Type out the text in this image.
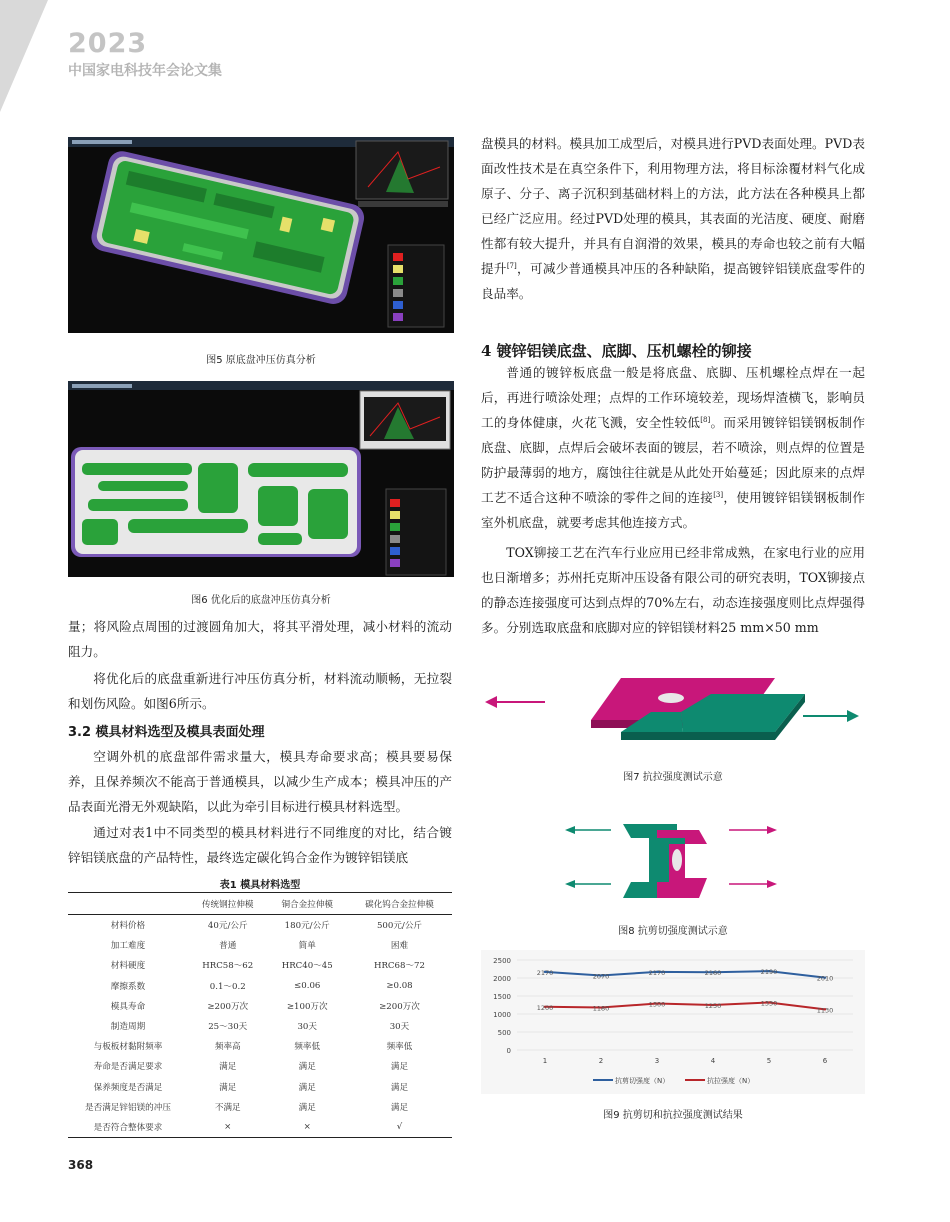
2023
中国家电科技年会论文集
图5 原底盘冲压仿真分析
图6 优化后的底盘冲压仿真分析

量；将风险点周围的过渡圆角加大，将其平滑处理，减小材料的流动阻力。

将优化后的底盘重新进行冲压仿真分析，材料流动顺畅，无拉裂和划伤风险。如图6所示。

3.2 模具材料选型及模具表面处理

空调外机的底盘部件需求量大，模具寿命要求高；模具要易保养，且保养频次不能高于普通模具，以减少生产成本；模具冲压的产品表面光滑无外观缺陷，以此为牵引目标进行模具材料选型。

通过对表1中不同类型的模具材料进行不同维度的对比，结合镀锌铝镁底盘的产品特性，最终选定碳化钨合金作为镀锌铝镁底

表1 模具材料选型
	传统钢拉伸模	铜合金拉伸模	碳化钨合金拉伸模
材料价格	40元/公斤	180元/公斤	500元/公斤
加工难度	普通	简单	困难
材料硬度	HRC58～62	HRC40～45	HRC68～72
摩擦系数	0.1～0.2	≤0.06	≥0.08
模具寿命	≥200万次	≥100万次	≥200万次
制造周期	25～30天	30天	30天
与板板材黏附频率	频率高	频率低	频率低
寿命是否满足要求	满足	满足	满足
保养频度是否满足	满足	满足	满足
是否满足锌铝镁的冲压	不满足	满足	满足
是否符合整体要求	×	×	√

盘模具的材料。模具加工成型后，对模具进行PVD表面处理。PVD表面改性技术是在真空条件下，利用物理方法，将目标涂覆材料气化成原子、分子、离子沉积到基础材料上的方法，此方法在各种模具上都已经广泛应用。经过PVD处理的模具，其表面的光洁度、硬度、耐磨性都有较大提升，并具有自润滑的效果，模具的寿命也较之前有大幅提升[7]，可减少普通模具冲压的各种缺陷，提高镀锌铝镁底盘零件的良品率。

4 镀锌铝镁底盘、底脚、压机螺栓的铆接

普通的镀锌板底盘一般是将底盘、底脚、压机螺栓点焊在一起后，再进行喷涂处理；点焊的工作环境较差，现场焊渣横飞，影响员工的身体健康，火花飞溅，安全性较低[8]。而采用镀锌铝镁钢板制作底盘、底脚，点焊后会破坏表面的镀层，若不喷涂，则点焊的位置是防护最薄弱的地方，腐蚀往往就是从此处开始蔓延；因此原来的点焊工艺不适合这种不喷涂的零件之间的连接[3]，使用镀锌铝镁钢板制作室外机底盘，就要考虑其他连接方式。

TOX铆接工艺在汽车行业应用已经非常成熟，在家电行业的应用也日渐增多；苏州托克斯冲压设备有限公司的研究表明，TOX铆接点的静态连接强度可达到点焊的70%左右，动态连接强度则比点焊强得多。分别选取底盘和底脚对应的锌铝镁材料25 mm×50 mm

图7 抗拉强度测试示意
图8 抗剪切强度测试示意
0
500
1000
1500
2000
2500
1	2	3	4	5	6
2170	2070	2170	2160	2190
2010
1200	1180	1300	1250	1330
1130
抗剪切强度（N）	抗拉强度（N）
图9 抗剪切和抗拉强度测试结果
368
